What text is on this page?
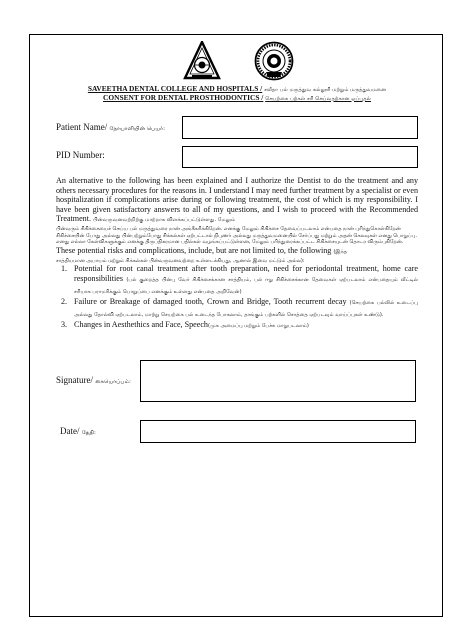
SAVEETHA DENTAL COLLEGE AND HOSPITALS / சவீதா பல் மருத்துவ கல்லூரி மற்றும் மருத்துவமனை
CONSENT FOR DENTAL PROSTHODONTICS / செயற்கை பற்கள் சரி செய்வதற்கான ஒப்புதல்
Patient Name/ நோயாளியின் பெயர்:
PID Number:

An alternative to the following has been explained and I authorize the Dentist to do the treatment and any others necessary procedures for the reasons in. I understand I may need further treatment by a specialist or even hospitalization if complications arise during or following treatment, the cost of which is my responsibility. I have been given satisfactory answers to all of my questions, and I wish to proceed with the Recommended Treatment. பின்வருவனவற்றிற்கு மாற்றாக விளக்கப்பட்டுள்ளது. மேலும்

பின்வரும் சிகிச்சையைச் செய்ய பல் மருத்துவரை நான் அங்கீகரிக்கிறேன். எனக்கு மேலும் சிகிச்சை தேவைப்படலாம் என்பதை நான் புரிந்துகொள்கிறேன் சிகிச்சையின் போது அல்லது பின்பற்றும்போது சிக்கல்கள் ஏற்பட்டால் நிபுணர் அல்லது மருத்துவமனையில் சேர்ப்பது மற்றும் அதன் செலவுகள் எனது பொறுப்பு. எனது எல்லா கேள்விகளுக்கும் எனக்கு திருப்திகரமான பதில்கள் வழங்கப்பட்டுள்ளன, மேலும் பரிந்துரைக்கப்பட்ட சிகிச்சையுடன் தொடர விரும்புகிறேன்.

These potential risks and complications, include, but are not limited to, the following (இந்த

சாத்தியமான அபாயம் மற்றும் சிக்கல்கள் பின்வருவனவற்றை உள்ளடக்கியது, ஆனால் இவை மட்டும் அல்ல):

1. Potential for root canal treatment after tooth preparation, need for periodontal treatment, home care responsibilities (பல் குறைத்த பின்பு வேர் சிகிச்சைக்கான சாத்தியம், பல் ஈறு சிகிச்சைக்கான தேவைகள் ஏற்படலாம் என்பதையும் வீட்டில் சரியாக பராமரிக்கும் பொறுப்பை எனக்கும் உள்ளது என்பதை அறிவேன்)
2. Failure or Breakage of damaged tooth, Crown and Bridge, Tooth recurrent decay (செயற்கை பல்லில் உடைப்பு அல்லது தோல்வி ஏற்படலாம், மாற்று செயற்கை பல் உடைந்த போகலாம், தாங்கும் பற்களில் சொத்தை ஏற்படவும் வாய்ப்புகள் உண்டு).
3. Changes in Aesthethics and Face, Speech(முக அமைப்பு மற்றும் பேச்சு மாறுபடலாம்)
Signature/ கையொப்பம்:
Date/ தேதி:
